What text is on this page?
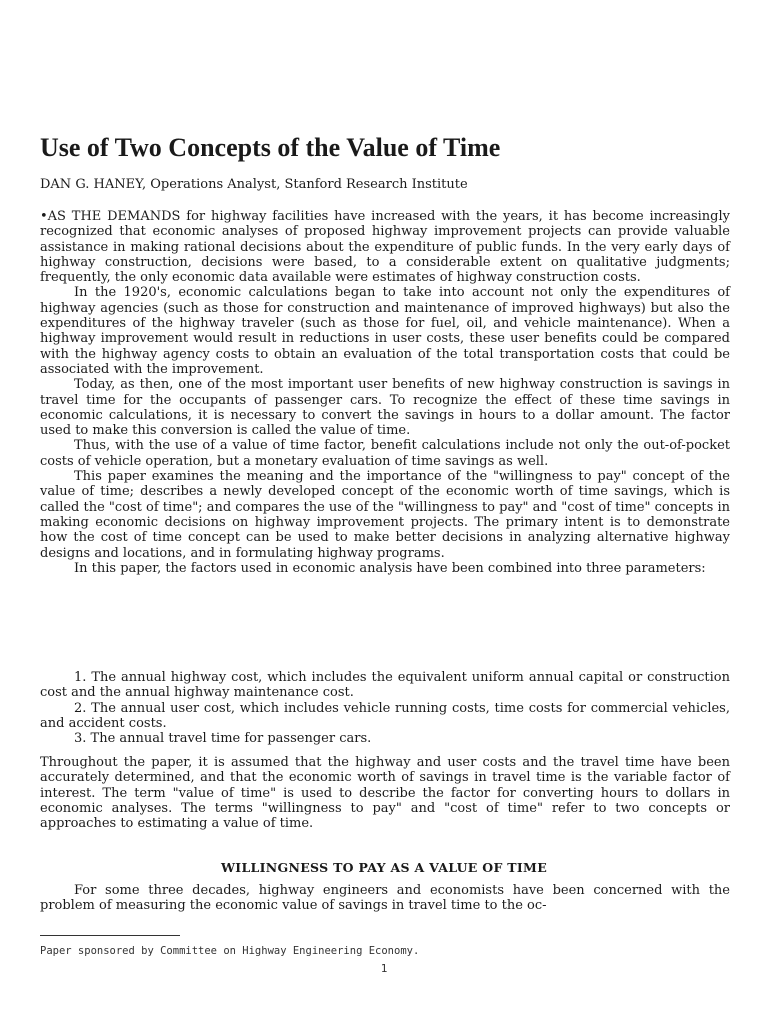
Use of Two Concepts of the Value of Time

DAN G. HANEY, Operations Analyst, Stanford Research Institute

•AS THE DEMANDS for highway facilities have increased with the years, it has become increasingly recognized that economic analyses of proposed highway improvement projects can provide valuable assistance in making rational decisions about the expenditure of public funds. In the very early days of highway construction, decisions were based, to a considerable extent on qualitative judgments; frequently, the only economic data available were estimates of highway construction costs.

In the 1920's, economic calculations began to take into account not only the expenditures of highway agencies (such as those for construction and maintenance of improved highways) but also the expenditures of the highway traveler (such as those for fuel, oil, and vehicle maintenance). When a highway improvement would result in reductions in user costs, these user benefits could be compared with the highway agency costs to obtain an evaluation of the total transportation costs that could be associated with the improvement.

Today, as then, one of the most important user benefits of new highway construction is savings in travel time for the occupants of passenger cars. To recognize the effect of these time savings in economic calculations, it is necessary to convert the savings in hours to a dollar amount. The factor used to make this conversion is called the value of time.

Thus, with the use of a value of time factor, benefit calculations include not only the out-of-pocket costs of vehicle operation, but a monetary evaluation of time savings as well.

This paper examines the meaning and the importance of the "willingness to pay" concept of the value of time; describes a newly developed concept of the economic worth of time savings, which is called the "cost of time"; and compares the use of the "willingness to pay" and "cost of time" concepts in making economic decisions on highway improvement projects. The primary intent is to demonstrate how the cost of time concept can be used to make better decisions in analyzing alternative highway designs and locations, and in formulating highway programs.

In this paper, the factors used in economic analysis have been combined into three parameters:

1. The annual highway cost, which includes the equivalent uniform annual capital or construction cost and the annual highway maintenance cost.

2. The annual user cost, which includes vehicle running costs, time costs for commercial vehicles, and accident costs.

3. The annual travel time for passenger cars.

Throughout the paper, it is assumed that the highway and user costs and the travel time have been accurately determined, and that the economic worth of savings in travel time is the variable factor of interest. The term "value of time" is used to describe the factor for converting hours to dollars in economic analyses. The terms "willingness to pay" and "cost of time" refer to two concepts or approaches to estimating a value of time.

WILLINGNESS TO PAY AS A VALUE OF TIME

For some three decades, highway engineers and economists have been concerned with the problem of measuring the economic value of savings in travel time to the oc-

Paper sponsored by Committee on Highway Engineering Economy.

1
